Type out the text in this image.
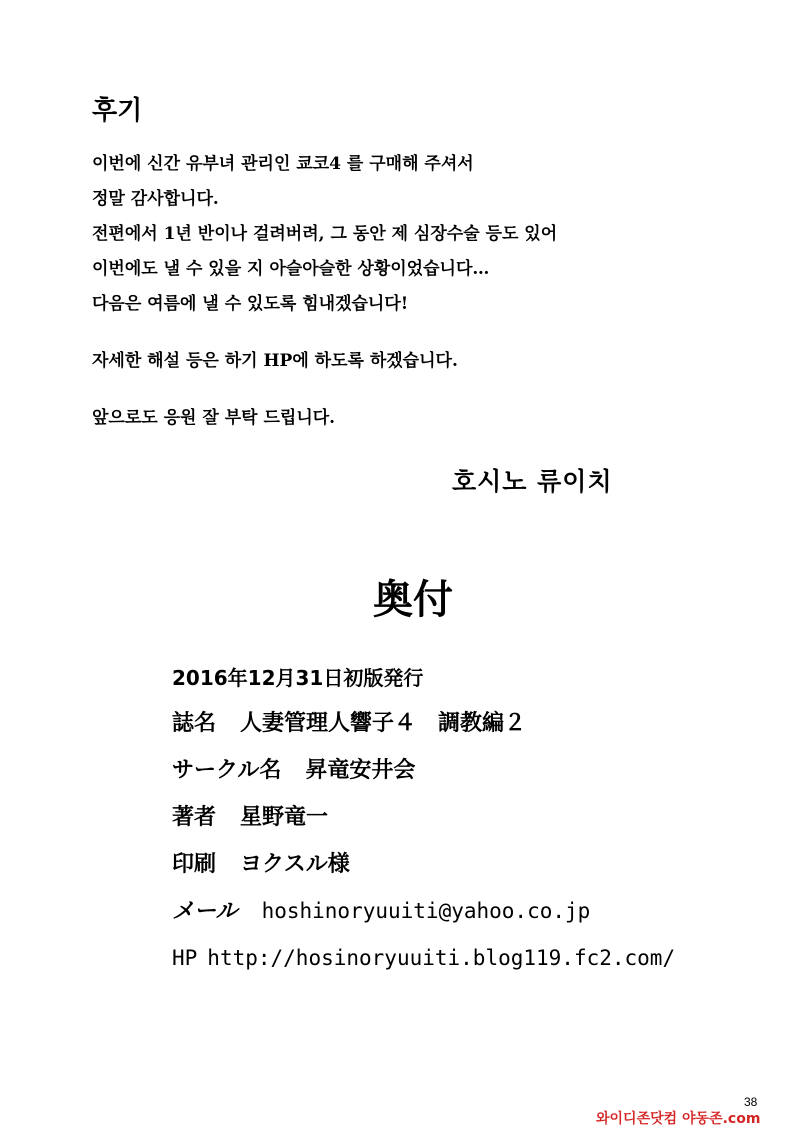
후기
이번에 신간 유부녀 관리인 쿄코4 를 구매해 주셔서
정말 감사합니다.
전편에서 1년 반이나 걸려버려, 그 동안 제 심장수술 등도 있어
이번에도 낼 수 있을 지 아슬아슬한 상황이었습니다…
다음은 여름에 낼 수 있도록 힘내겠습니다!
자세한 해설 등은 하기 HP에 하도록 하겠습니다.
앞으로도 응원 잘 부탁 드립니다.
호시노 류이치
奥付
2016年12月31日初版発行
誌名 人妻管理人響子４　調教編２
サークル名 昇竜安井会
著者 星野竜一
印刷 ヨクスル様
メール hoshinoryuuiti@yahoo.co.jp
HP http://hosinoryuuiti.blog119.fc2.com/
38
와이디존닷컴 야동존.com
